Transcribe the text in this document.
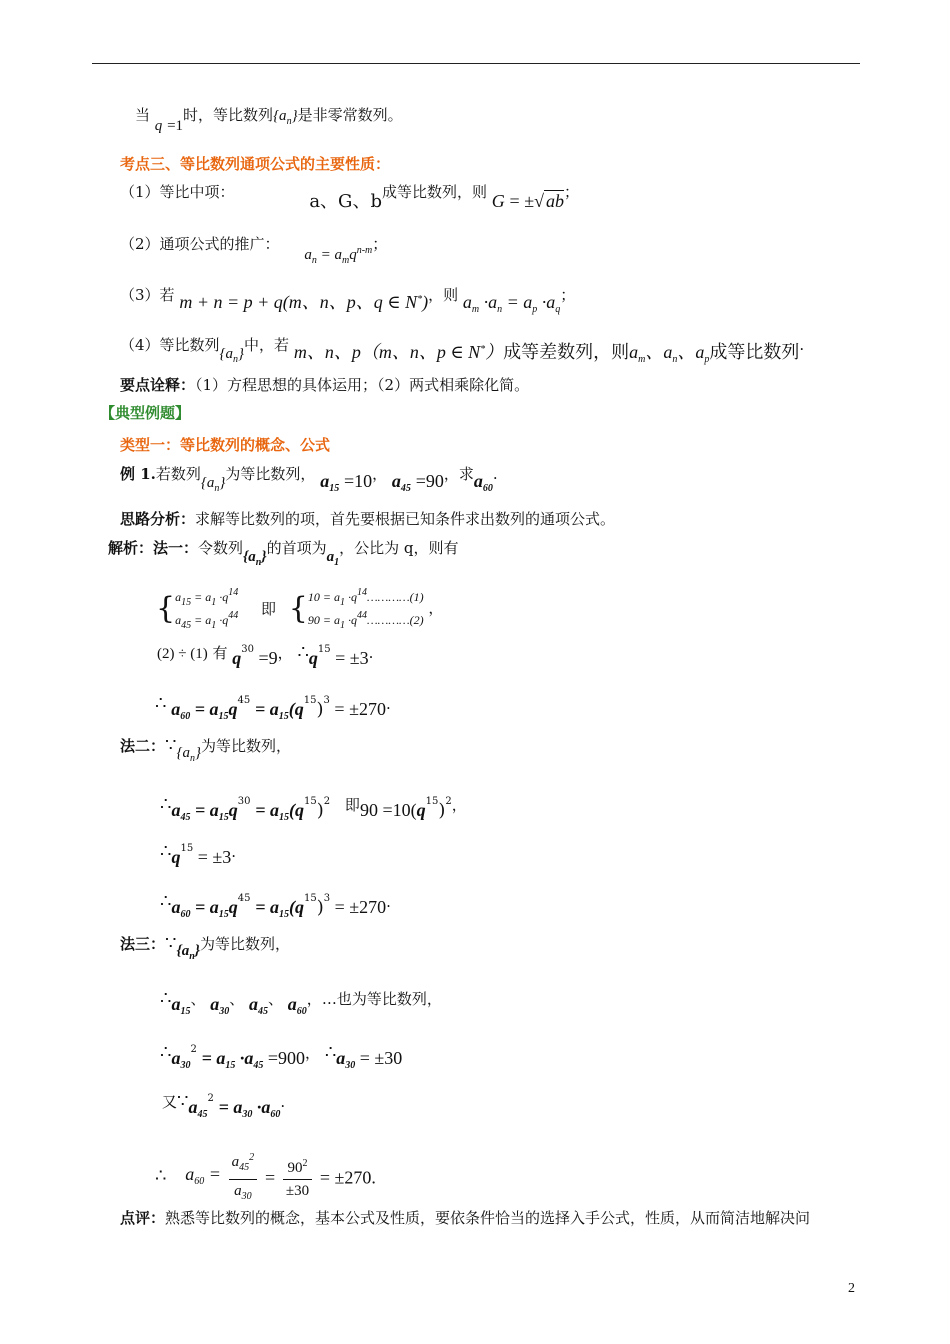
当 q =1时，等比数列$\{a_n\}$是非零常数列。
考点三、等比数列通项公式的主要性质：
（1）等比中项：	a、G、b成等比数列，则 G = ±√ ab；
（2）通项公式的推广： $a_n = a_mq^{n-m}$；
（3）若 m + n = p + q(m、n、p、q ∈ N*)，则 $a_m \cdot a_n = a_p \cdot a_q$；
（4）等比数列$\{a_n\}$中，若 m、n、p（m、n、p ∈ N*）成等差数列，则$a_m$、$a_n$、$a_p$成等比数列.
要点诠释：（1）方程思想的具体运用；（2）两式相乘除化简。
【典型例题】
类型一：等比数列的概念、公式
例 1.若数列$\{a_n\}$为等比数列， $a_{15} =10$， $a_{45} =90$，求$a_{60}$.
思路分析：求解等比数列的项，首先要根据已知条件求出数列的通项公式。
解析：法一：令数列$\{a_n\}$的首项为$a_1$，公比为 q，则有
{$a_{15} = a_1 \cdot q^{14}$
$a_{45} = a_1 \cdot q^{44}$ 即 {$10 = a_1$ $\cdot q^{14}\dots\dots\dots\dots(1)$
$90 = a_1$ $\cdot q^{44}\dots\dots\dots\dots(2)$ ，
(2) ÷ (1) 有 $q^{30} =9$， $\therefore q^{15} = \pm 3$.
∴ $a_{60} = a_{15}q^{45} = a_{15}(q^{15})^3 = \pm 270$.
法二：$\because\{a_n\}$为等比数列，
$\therefore a_{45} = a_{15}q^{30} = a_{15}(q^{15})^2$ 即$90 =10(q^{15})^2$，
$\therefore q^{15} = \pm 3$.
$\therefore a_{60} = a_{15}q^{45} = a_{15}(q^{15})^3 = \pm 270$.
法三：$\because\{a_n\}$为等比数列，
$\therefore a_{15}$、 $a_{30}$、 $a_{45}$、 $a_{60}$，…也为等比数列，
$\therefore a_{30}^2 = a_{15} \cdot a_{45} =900$， $\therefore a_{30} = \pm 30$
又$\because a_{45}^2 = a_{30} \cdot a_{60}$.
∴ $a_{60} = \frac{a_{45}^2}{a_{30}} = \frac{90^2}{\pm 30} = \pm 270$.
点评：熟悉等比数列的概念，基本公式及性质，要依条件恰当的选择入手公式，性质，从而简洁地解决问
2
